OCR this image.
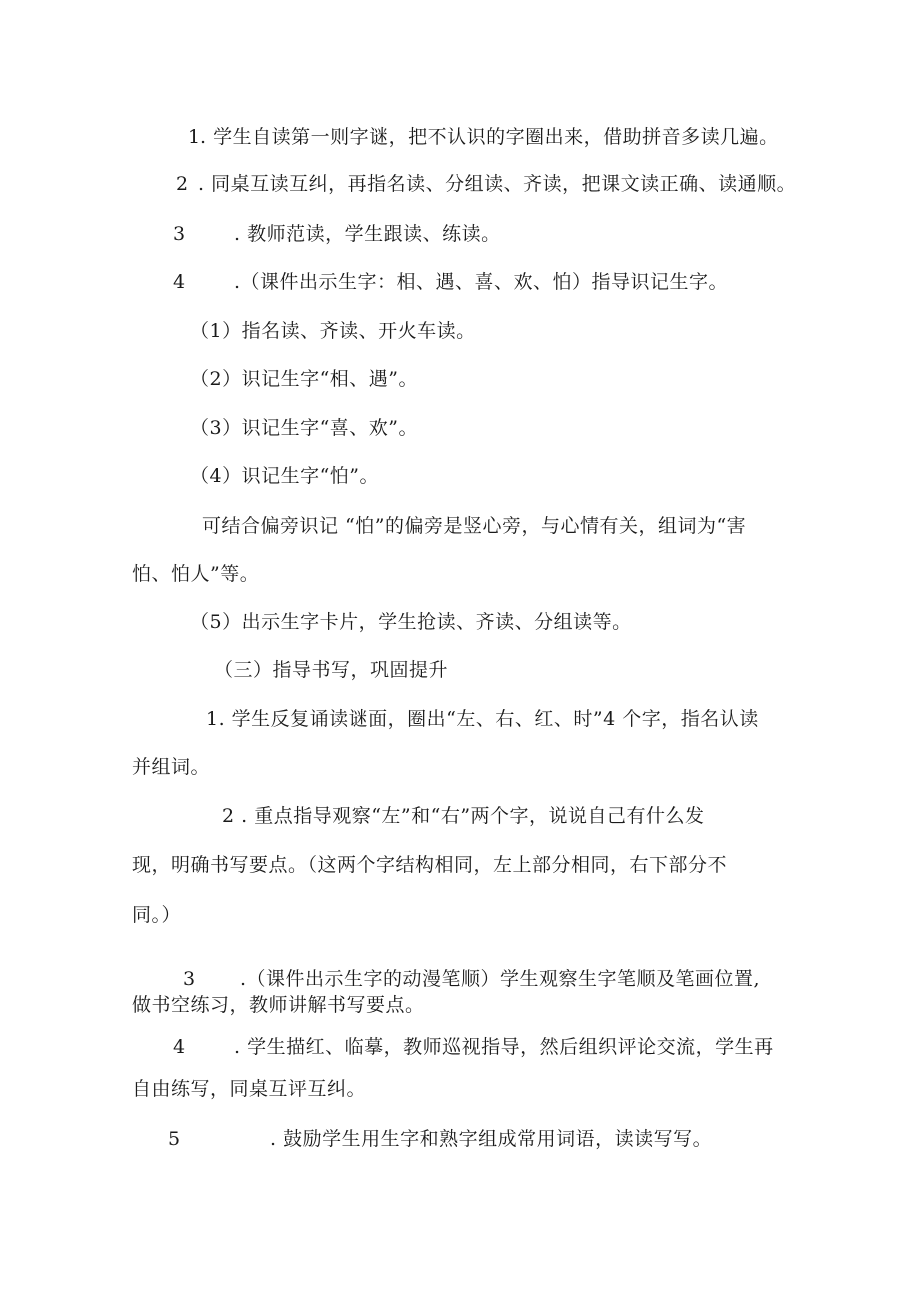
1 . 学生自读第一则字谜，把不认识的字圈出来，借助拼音多读几遍。
2 . 同桌互读互纠，再指名读、分组读、齐读，把课文读正确、读通顺。
3	. 教师范读，学生跟读、练读。
4	.（课件出示生字：相、遇、喜、欢、怕）指导识记生字。
（1）指名读、齐读、开火车读。
（2）识记生字“相、遇”。
（3）识记生字“喜、欢”。
（4）识记生字“怕”。
可结合偏旁识记 “怕”的偏旁是竖心旁，与心情有关，组词为“害
怕、怕人”等。
（5）出示生字卡片，学生抢读、齐读、分组读等。
（三）指导书写，巩固提升
1. 学生反复诵读谜面，圈出“左、右、红、时”4 个字，指名认读
并组词。
2 . 重点指导观察“左”和“右”两个字，说说自己有什么发
现，明确书写要点。（这两个字结构相同，左上部分相同，右下部分不
同。）
3 .（课件出示生字的动漫笔顺）学生观察生字笔顺及笔画位置,
做书空练习，教师讲解书写要点。
4	. 学生描红、临摹，教师巡视指导，然后组织评论交流，学生再
自由练写，同桌互评互纠。
5	. 鼓励学生用生字和熟字组成常用词语，读读写写。
